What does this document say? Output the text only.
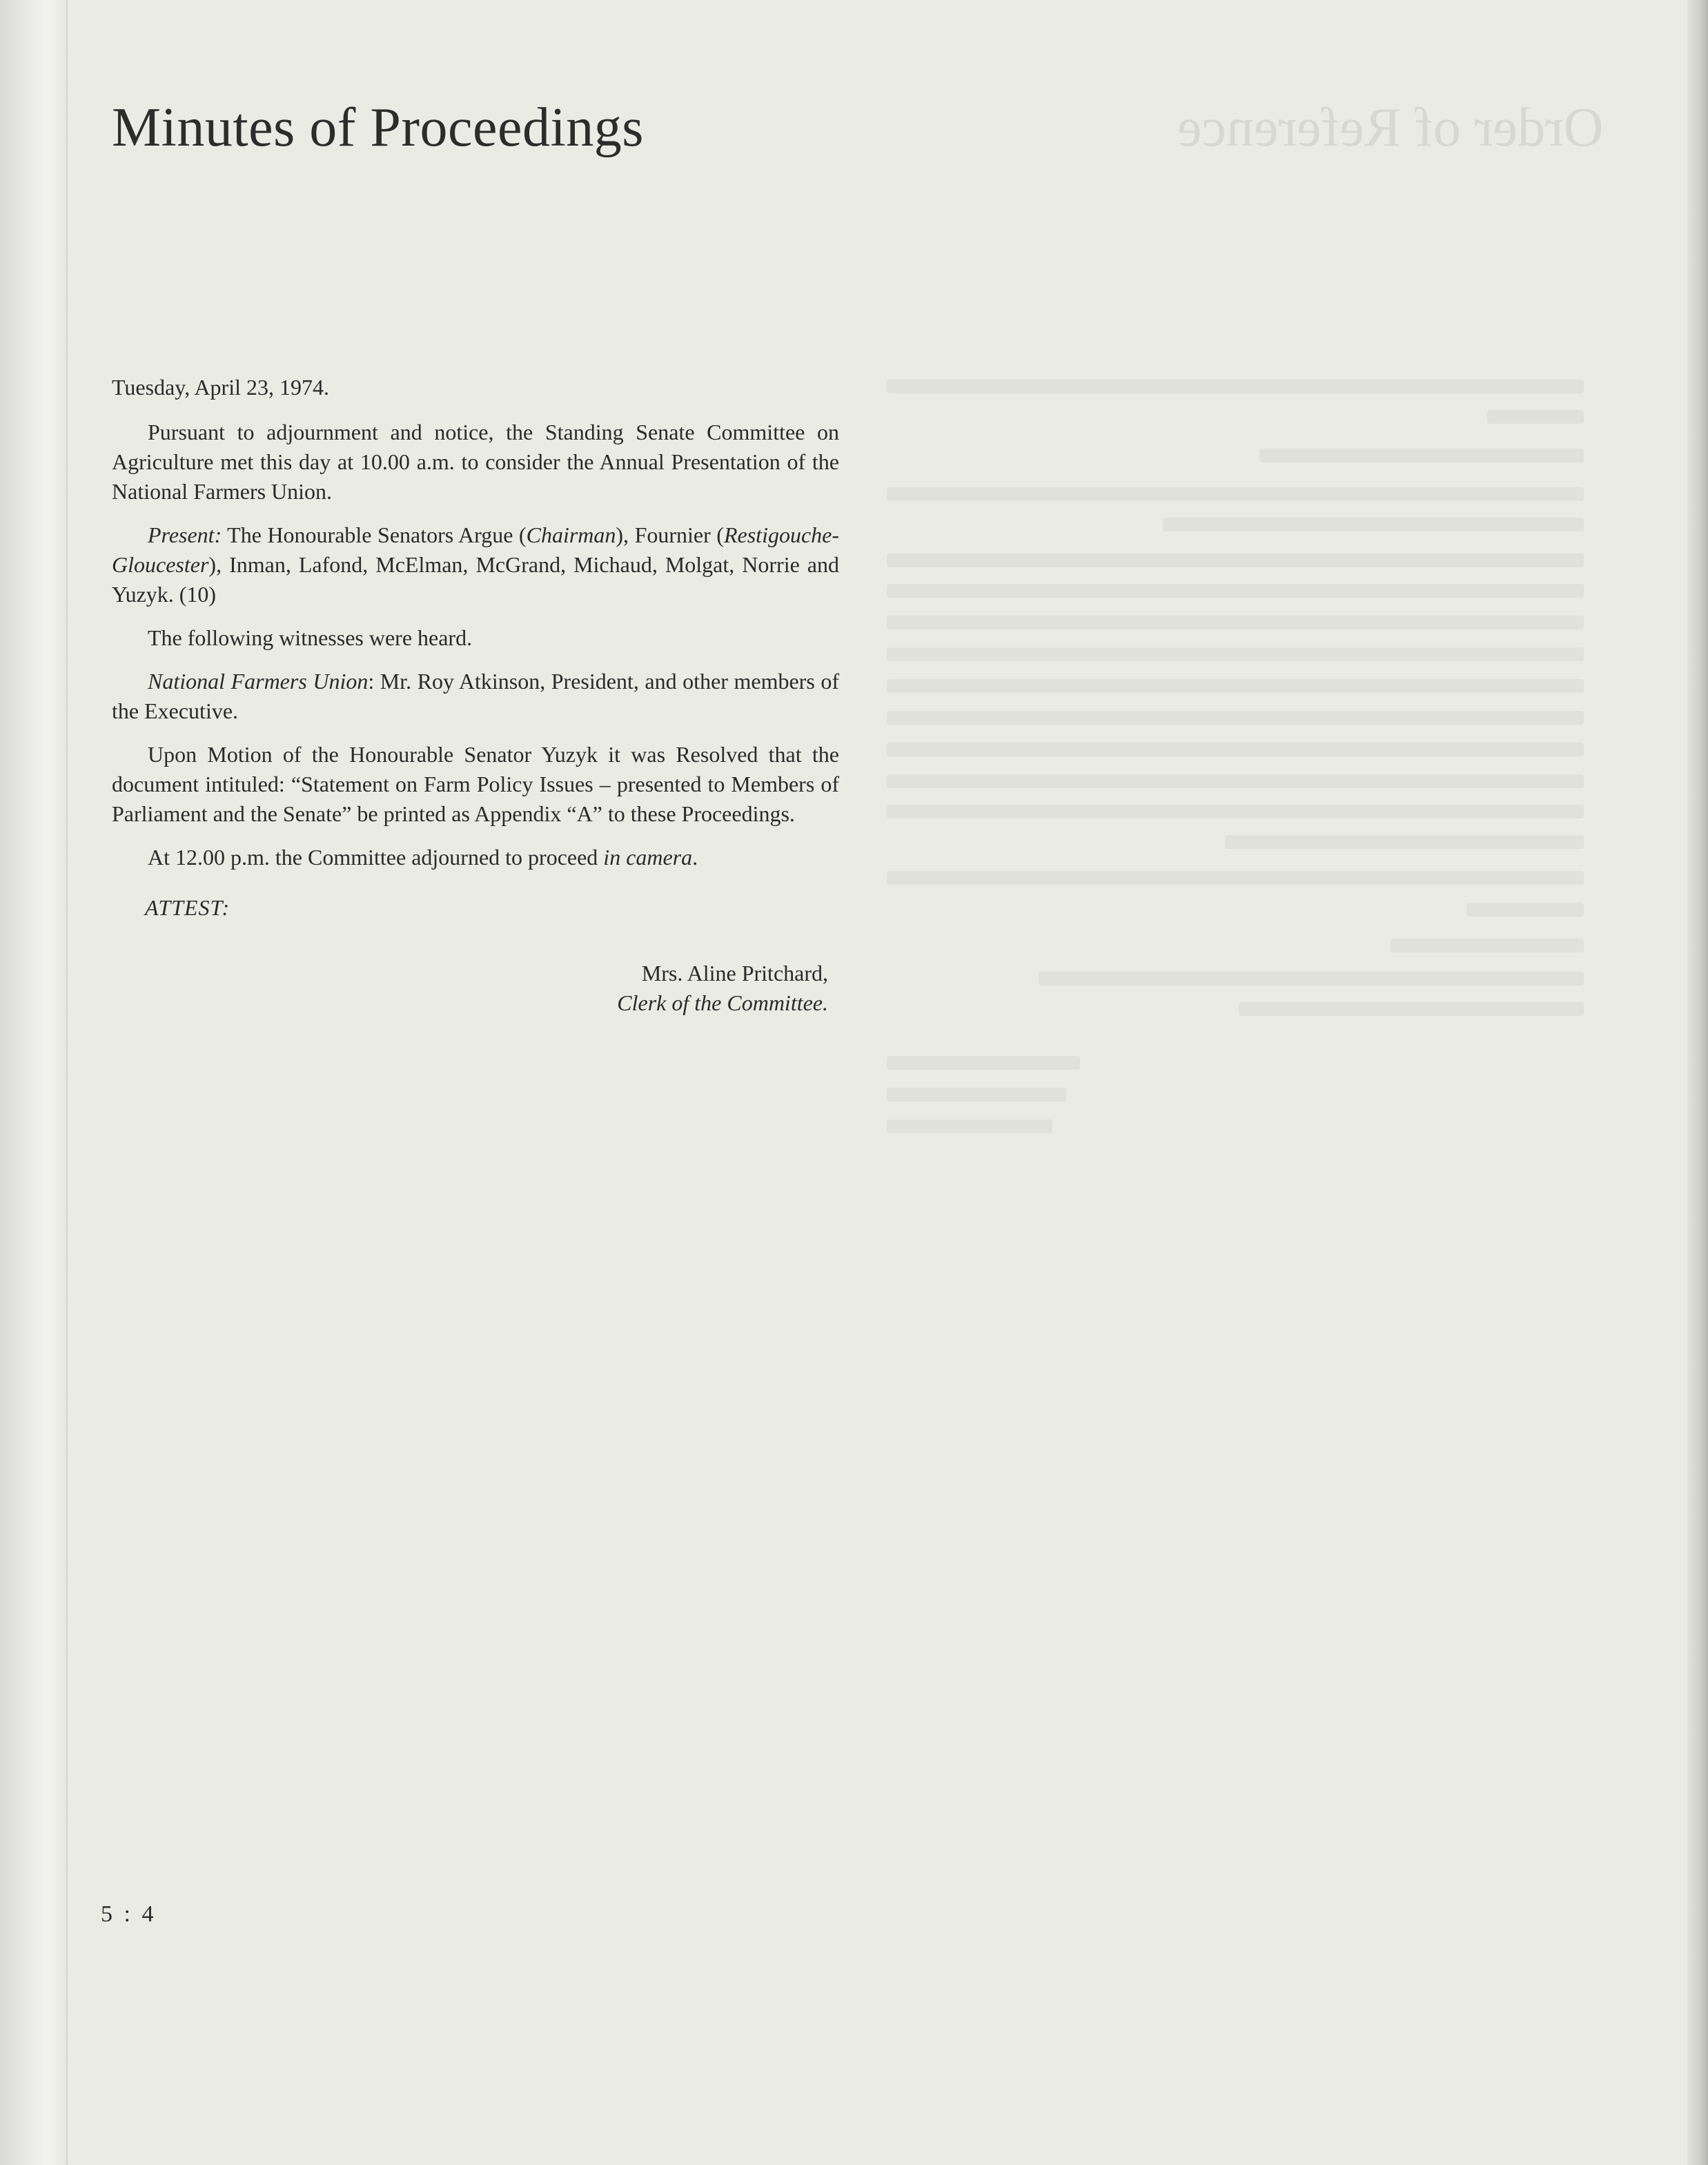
Order of Reference
Minutes of Proceedings

Tuesday, April 23, 1974.

Pursuant to adjournment and notice, the Standing Senate Committee on Agriculture met this day at 10.00 a.m. to consider the Annual Presentation of the National Farmers Union.

Present: The Honourable Senators Argue (Chairman), Fournier (Restigouche-Gloucester), Inman, Lafond, McElman, McGrand, Michaud, Molgat, Norrie and Yuzyk. (10)

The following witnesses were heard.

National Farmers Union: Mr. Roy Atkinson, President, and other members of the Executive.

Upon Motion of the Honourable Senator Yuzyk it was Resolved that the document intituled: “Statement on Farm Policy Issues – presented to Members of Parliament and the Senate” be printed as Appendix “A” to these Proceedings.

At 12.00 p.m. the Committee adjourned to proceed in camera.

ATTEST:

Mrs. Aline Pritchard,
Clerk of the Committee.
5 : 4
